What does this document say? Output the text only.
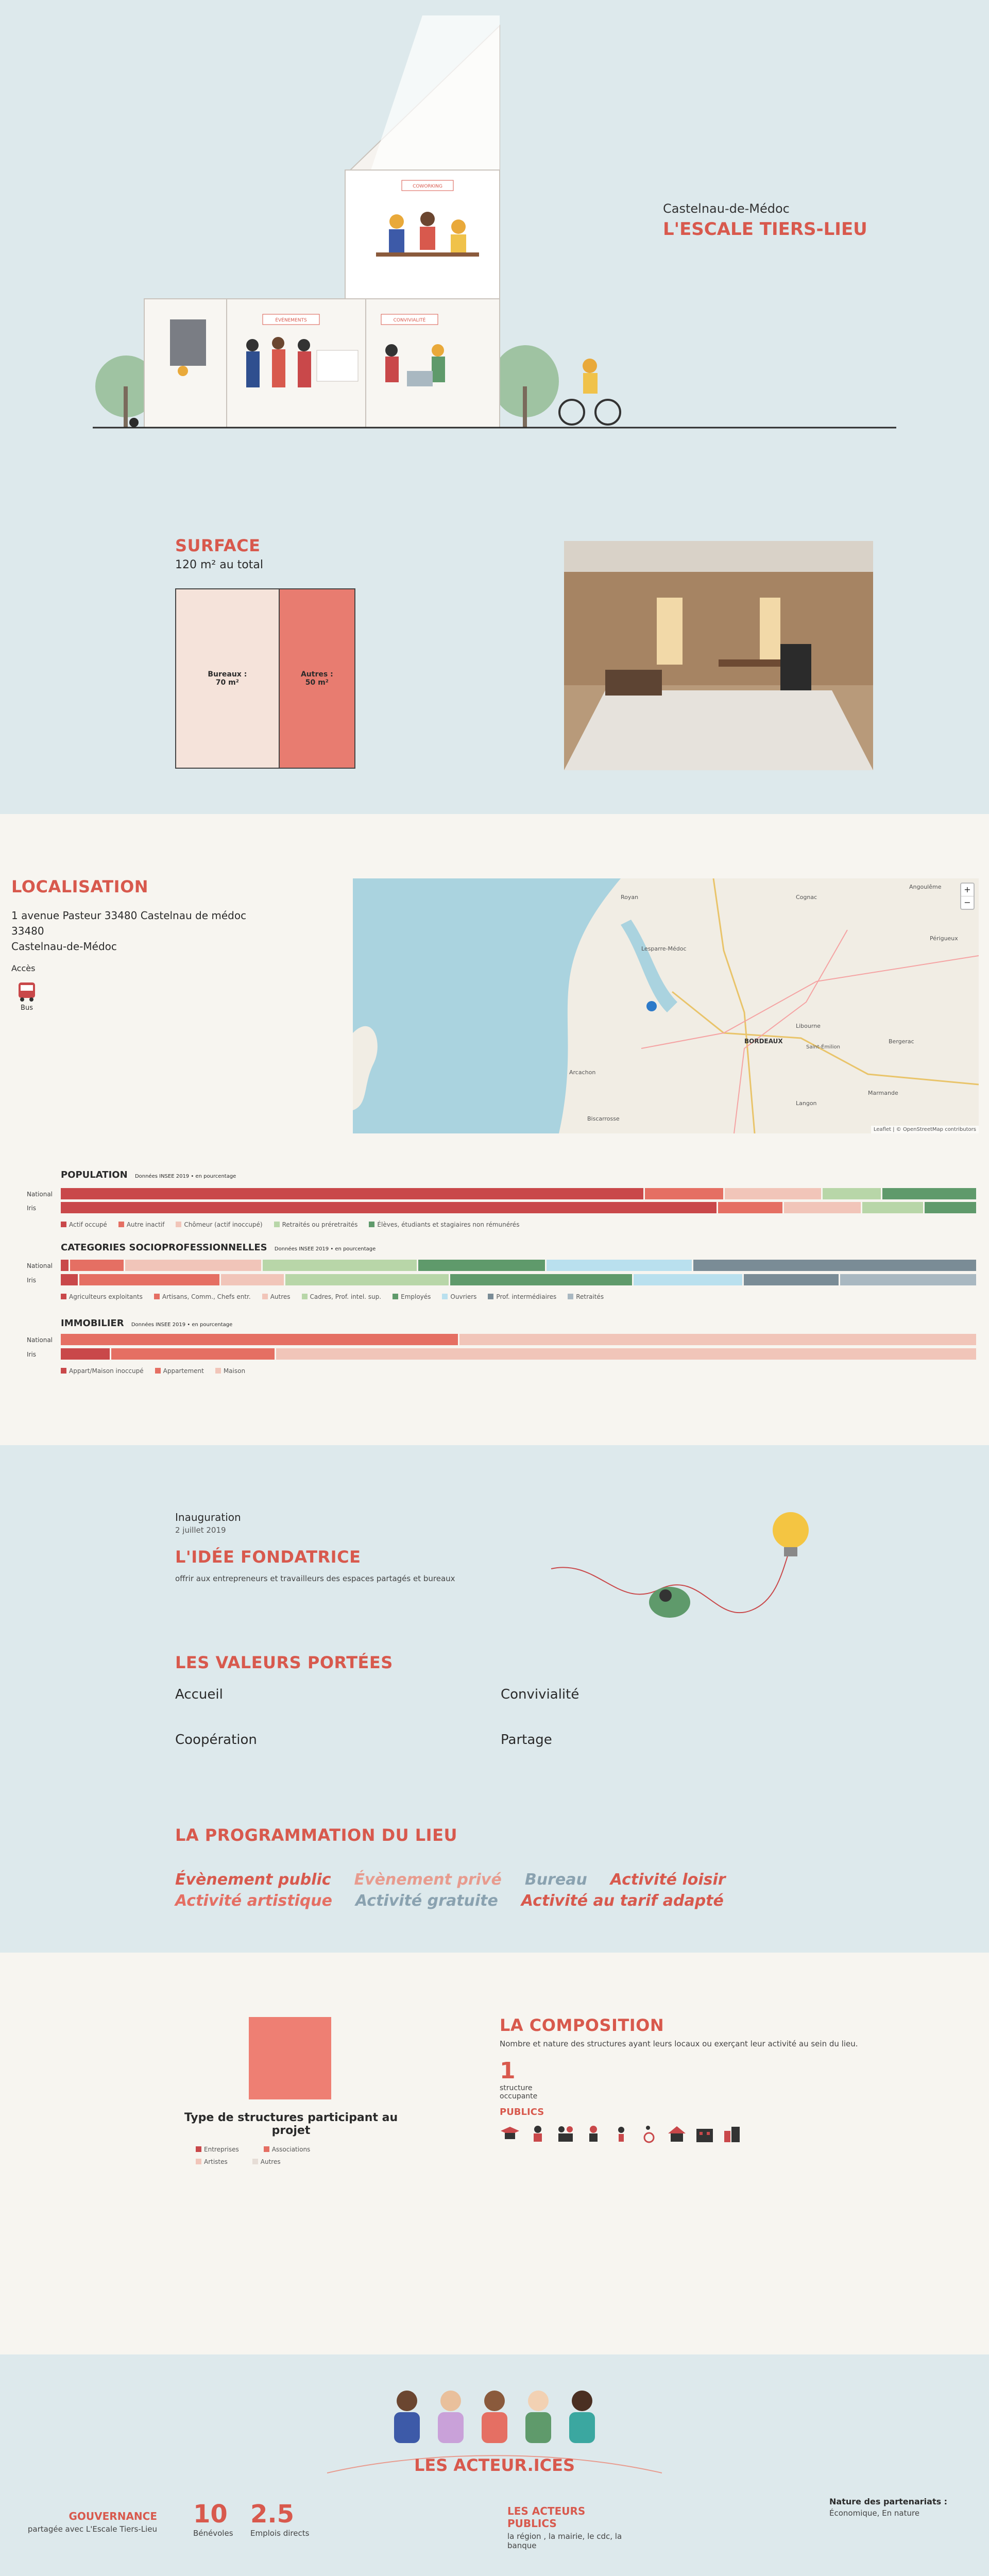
COWORKING
ÉVÉNEMENTS	CONVIVIALITÉ
Castelnau-de-Médoc
L'ESCALE TIERS-LIEU
SURFACE
120 m² au total
Bureaux :
70 m²
Autres :
50 m²
LOCALISATION
1 avenue Pasteur 33480 Castelnau de médoc
33480
Castelnau-de-Médoc
Accès
Bus
Royan
Lesparre-Médoc
BORDEAUX
Arcachon
Libourne
Saint-Émilion
Langon
Marmande
Bergerac
Périgueux
Angoulême
Cognac
Biscarrosse
+
−
Leaflet | © OpenStreetMap contributors
POPULATION Données INSEE 2019 • en pourcentage
National
Iris
Actif occupé	Autre inactif	Chômeur (actif inoccupé)	Retraités ou préretraités	Élèves, étudiants et stagiaires non rémunérés
CATEGORIES SOCIOPROFESSIONNELLES Données INSEE 2019 • en pourcentage
National
Iris
Agriculteurs exploitants	Artisans, Comm., Chefs entr.	Autres	Cadres, Prof. intel. sup.	Employés	Ouvriers	Prof. intermédiaires	Retraités
IMMOBILIER Données INSEE 2019 • en pourcentage
National
Iris
Appart/Maison inoccupé	Appartement	Maison
Inauguration
2 juillet 2019
L'IDÉE FONDATRICE
offrir aux entrepreneurs et travailleurs des espaces partagés et bureaux
LES VALEURS PORTÉES
Accueil	Convivialité
Coopération	Partage
LA PROGRAMMATION DU LIEU
Évènement public Évènement privé Bureau Activité loisir
Activité artistique Activité gratuite Activité au tarif adapté
Type de structures participant au projet
Entreprises	Associations
Artistes	Autres
LA COMPOSITION
Nombre et nature des structures ayant leurs locaux ou exerçant leur activité au sein du lieu.
1
structure occupante
PUBLICS
LES ACTEUR.ICES
GOUVERNANCE
partagée avec L'Escale Tiers-Lieu
10
Bénévoles
2.5
Emplois directs
LES ACTEURS PUBLICS
la région , la mairie, le cdc, la banque
Nature des partenariats :
Économique, En nature
